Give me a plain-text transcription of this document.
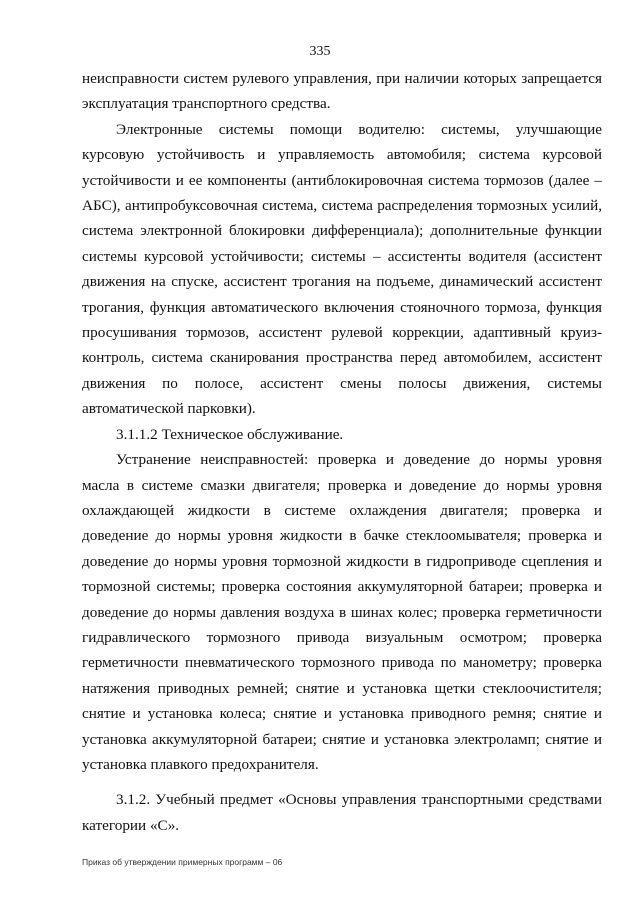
335

неисправности систем рулевого управления, при наличии которых запрещается эксплуатация транспортного средства.

Электронные системы помощи водителю: системы, улучшающие курсовую устойчивость и управляемость автомобиля; система курсовой устойчивости и ее компоненты (антиблокировочная система тормозов (далее – АБС), антипробуксовочная система, система распределения тормозных усилий, система электронной блокировки дифференциала); дополнительные функции системы курсовой устойчивости; системы – ассистенты водителя (ассистент движения на спуске, ассистент трогания на подъеме, динамический ассистент трогания, функция автоматического включения стояночного тормоза, функция просушивания тормозов, ассистент рулевой коррекции, адаптивный круиз-контроль, система сканирования пространства перед автомобилем, ассистент движения по полосе, ассистент смены полосы движения, системы автоматической парковки).

3.1.1.2 Техническое обслуживание.

Устранение неисправностей: проверка и доведение до нормы уровня масла в системе смазки двигателя; проверка и доведение до нормы уровня охлаждающей жидкости в системе охлаждения двигателя; проверка и доведение до нормы уровня жидкости в бачке стеклоомывателя; проверка и доведение до нормы уровня тормозной жидкости в гидроприводе сцепления и тормозной системы; проверка состояния аккумуляторной батареи; проверка и доведение до нормы давления воздуха в шинах колес; проверка герметичности гидравлического тормозного привода визуальным осмотром; проверка герметичности пневматического тормозного привода по манометру; проверка натяжения приводных ремней; снятие и установка щетки стеклоочистителя; снятие и установка колеса; снятие и установка приводного ремня; снятие и установка аккумуляторной батареи; снятие и установка электроламп; снятие и установка плавкого предохранителя.

3.1.2. Учебный предмет «Основы управления транспортными средствами категории «С».

Приказ об утверждении примерных программ – 06
